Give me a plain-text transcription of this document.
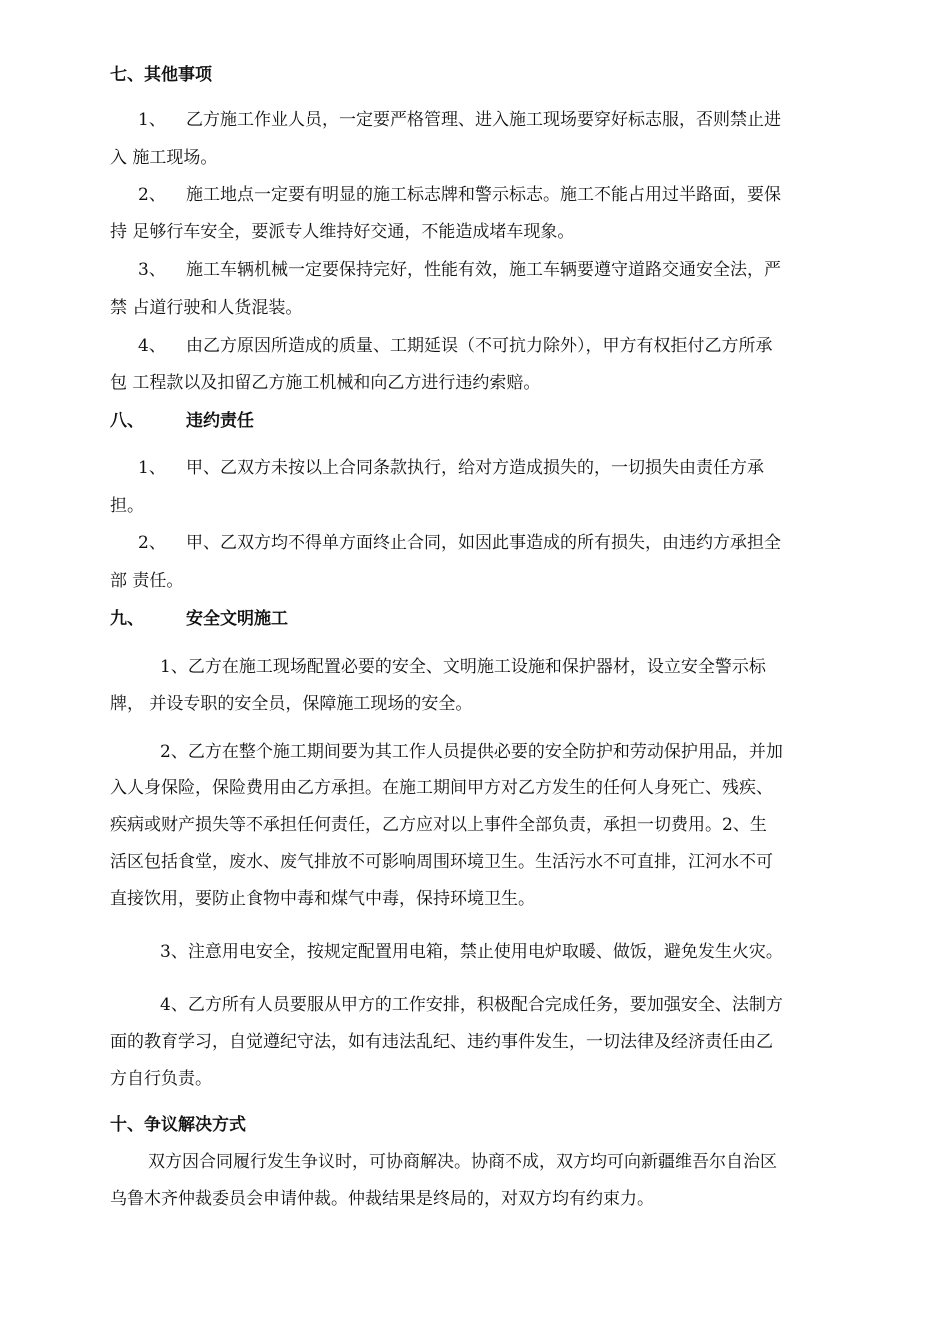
七、其他事项
1、 乙方施工作业人员，一定要严格管理、进入施工现场要穿好标志服，否则禁止进
入 施工现场。
2、 施工地点一定要有明显的施工标志牌和警示标志。施工不能占用过半路面，要保
持 足够行车安全，要派专人维持好交通，不能造成堵车现象。
3、 施工车辆机械一定要保持完好，性能有效，施工车辆要遵守道路交通安全法，严
禁 占道行驶和人货混装。
4、 由乙方原因所造成的质量、工期延误（不可抗力除外），甲方有权拒付乙方所承
包 工程款以及扣留乙方施工机械和向乙方进行违约索赔。
八、 违约责任
1、 甲、乙双方未按以上合同条款执行，给对方造成损失的，一切损失由责任方承
担。
2、 甲、乙双方均不得单方面终止合同，如因此事造成的所有损失，由违约方承担全
部 责任。
九、 安全文明施工
1、乙方在施工现场配置必要的安全、文明施工设施和保护器材，设立安全警示标
牌， 并设专职的安全员，保障施工现场的安全。
2、乙方在整个施工期间要为其工作人员提供必要的安全防护和劳动保护用品，并加
入人身保险，保险费用由乙方承担。在施工期间甲方对乙方发生的任何人身死亡、残疾、
疾病或财产损失等不承担任何责任，乙方应对以上事件全部负责，承担一切费用。2、生
活区包括食堂，废水、废气排放不可影响周围环境卫生。生活污水不可直排，江河水不可
直接饮用，要防止食物中毒和煤气中毒，保持环境卫生。
3、注意用电安全，按规定配置用电箱，禁止使用电炉取暖、做饭，避免发生火灾。
4、乙方所有人员要服从甲方的工作安排，积极配合完成任务，要加强安全、法制方
面的教育学习，自觉遵纪守法，如有违法乱纪、违约事件发生，一切法律及经济责任由乙
方自行负责。
十、争议解决方式
双方因合同履行发生争议时，可协商解决。协商不成，双方均可向新疆维吾尔自治区
乌鲁木齐仲裁委员会申请仲裁。仲裁结果是终局的，对双方均有约束力。
